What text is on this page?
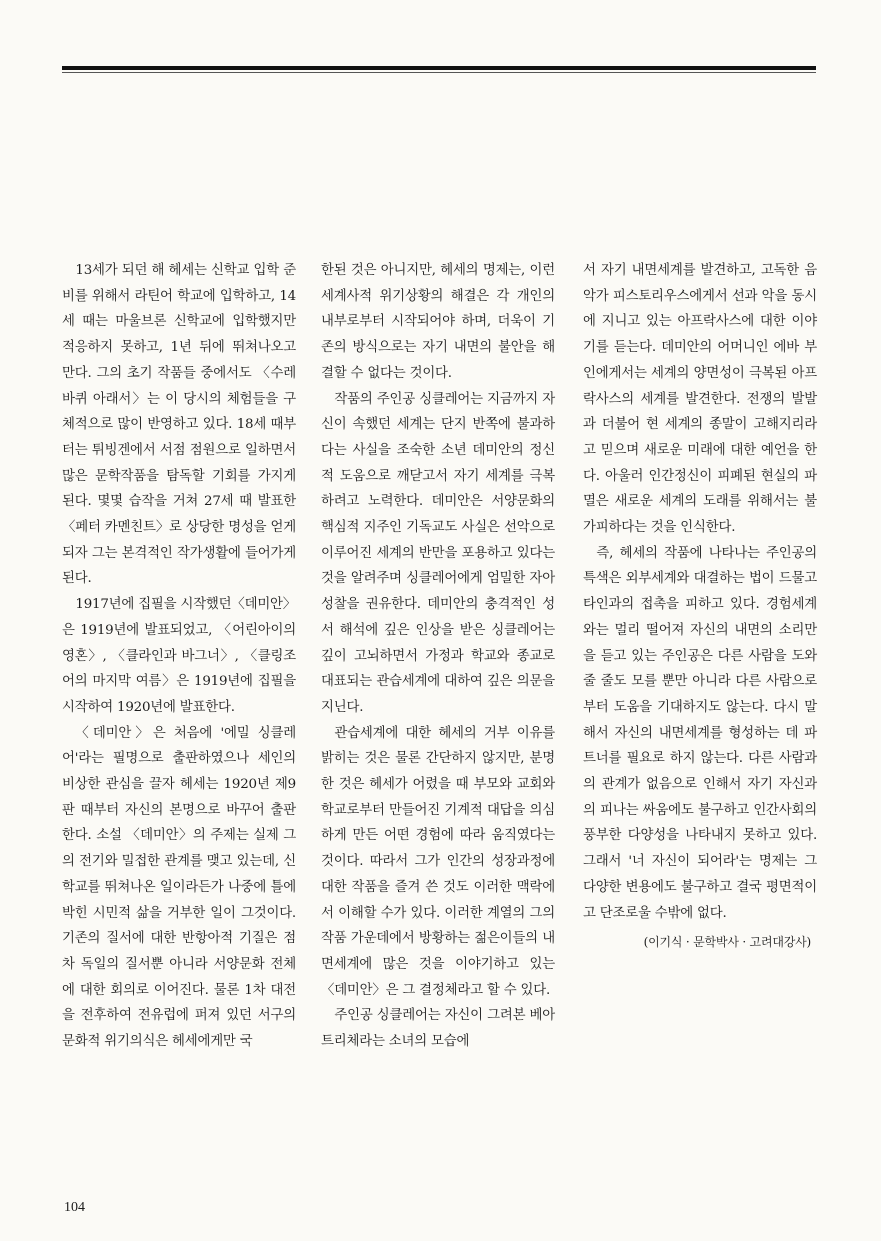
13세가 되던 해 헤세는 신학교 입학 준비를 위해서 라틴어 학교에 입학하고, 14세 때는 마울브론 신학교에 입학했지만 적응하지 못하고, 1년 뒤에 뛰쳐나오고 만다. 그의 초기 작품들 중에서도 〈수레바퀴 아래서〉는 이 당시의 체험들을 구체적으로 많이 반영하고 있다. 18세 때부터는 튀빙겐에서 서점 점원으로 일하면서 많은 문학작품을 탐독할 기회를 가지게 된다. 몇몇 습작을 거쳐 27세 때 발표한 〈페터 카멘친트〉로 상당한 명성을 얻게 되자 그는 본격적인 작가생활에 들어가게 된다.

1917년에 집필을 시작했던〈데미안〉은 1919년에 발표되었고, 〈어린아이의 영혼〉, 〈클라인과 바그너〉, 〈클링조어의 마지막 여름〉은 1919년에 집필을 시작하여 1920년에 발표한다.

〈데미안〉은 처음에 '에밀 싱클레어'라는 필명으로 출판하였으나 세인의 비상한 관심을 끌자 헤세는 1920년 제9판 때부터 자신의 본명으로 바꾸어 출판한다. 소설 〈데미안〉의 주제는 실제 그의 전기와 밀접한 관계를 맺고 있는데, 신학교를 뛰쳐나온 일이라든가 나중에 틀에 박힌 시민적 삶을 거부한 일이 그것이다. 기존의 질서에 대한 반항아적 기질은 점차 독일의 질서뿐 아니라 서양문화 전체에 대한 회의로 이어진다. 물론 1차 대전을 전후하여 전유럽에 퍼져 있던 서구의 문화적 위기의식은 헤세에게만 국

한된 것은 아니지만, 헤세의 명제는, 이런 세계사적 위기상황의 해결은 각 개인의 내부로부터 시작되어야 하며, 더욱이 기존의 방식으로는 자기 내면의 불안을 해결할 수 없다는 것이다.

작품의 주인공 싱클레어는 지금까지 자신이 속했던 세계는 단지 반쪽에 불과하다는 사실을 조숙한 소년 데미안의 정신적 도움으로 깨닫고서 자기 세계를 극복하려고 노력한다. 데미안은 서양문화의 핵심적 지주인 기독교도 사실은 선악으로 이루어진 세계의 반만을 포용하고 있다는 것을 알려주며 싱클레어에게 엄밀한 자아성찰을 권유한다. 데미안의 충격적인 성서 해석에 깊은 인상을 받은 싱클레어는 깊이 고뇌하면서 가정과 학교와 종교로 대표되는 관습세계에 대하여 깊은 의문을 지닌다.

관습세계에 대한 헤세의 거부 이유를 밝히는 것은 물론 간단하지 않지만, 분명한 것은 헤세가 어렸을 때 부모와 교회와 학교로부터 만들어진 기계적 대답을 의심하게 만든 어떤 경험에 따라 움직였다는 것이다. 따라서 그가 인간의 성장과정에 대한 작품을 즐겨 쓴 것도 이러한 맥락에서 이해할 수가 있다. 이러한 계열의 그의 작품 가운데에서 방황하는 젊은이들의 내면세계에 많은 것을 이야기하고 있는 〈데미안〉은 그 결정체라고 할 수 있다.

주인공 싱클레어는 자신이 그려본 베아트리체라는 소녀의 모습에

서 자기 내면세계를 발견하고, 고독한 음악가 피스토리우스에게서 선과 악을 동시에 지니고 있는 아프락사스에 대한 이야기를 듣는다. 데미안의 어머니인 에바 부인에게서는 세계의 양면성이 극복된 아프락사스의 세계를 발견한다. 전쟁의 발발과 더불어 현 세계의 종말이 고해지리라고 믿으며 새로운 미래에 대한 예언을 한다. 아울러 인간정신이 피폐된 현실의 파멸은 새로운 세계의 도래를 위해서는 불가피하다는 것을 인식한다.

즉, 헤세의 작품에 나타나는 주인공의 특색은 외부세계와 대결하는 법이 드물고 타인과의 접촉을 피하고 있다. 경험세계와는 멀리 떨어져 자신의 내면의 소리만을 듣고 있는 주인공은 다른 사람을 도와줄 줄도 모를 뿐만 아니라 다른 사람으로부터 도움을 기대하지도 않는다. 다시 말해서 자신의 내면세계를 형성하는 데 파트너를 필요로 하지 않는다. 다른 사람과의 관계가 없음으로 인해서 자기 자신과의 피나는 싸움에도 불구하고 인간사회의 풍부한 다양성을 나타내지 못하고 있다. 그래서 '너 자신이 되어라'는 명제는 그 다양한 변용에도 불구하고 결국 평면적이고 단조로울 수밖에 없다.

(이기식 · 문학박사 · 고려대강사)
104
